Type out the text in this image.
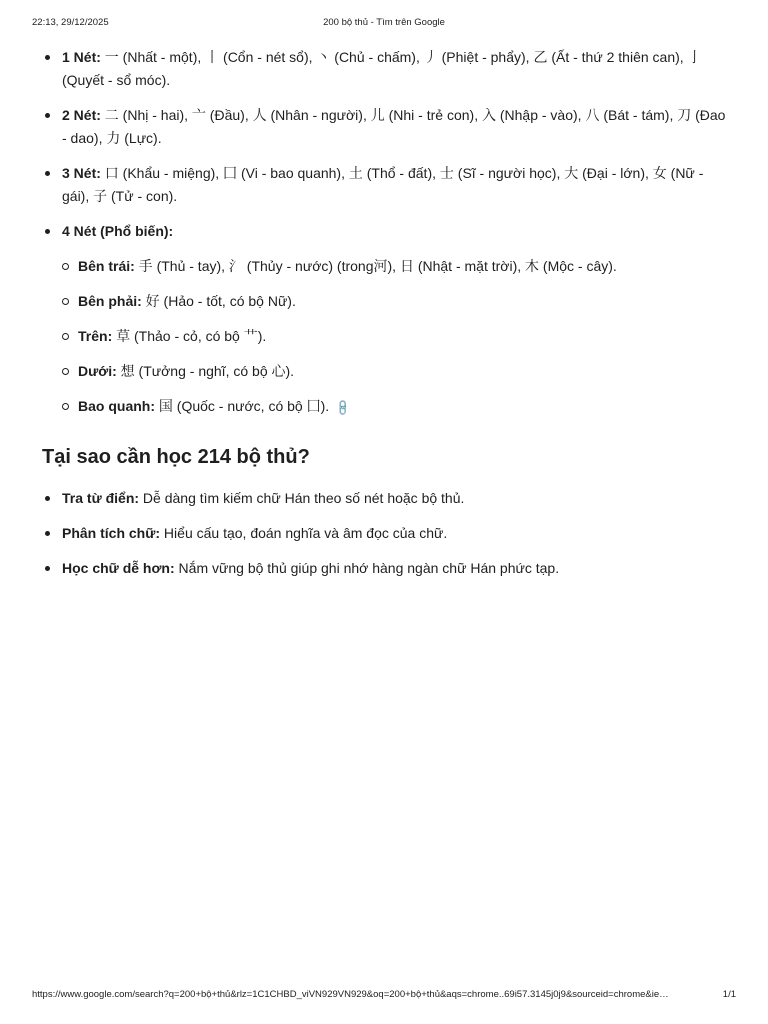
22:13, 29/12/2025	200 bộ thủ - Tìm trên Google
1 Nét: 一 (Nhất - một), 丨 (Cổn - nét sổ), 丶 (Chủ - chấm), 丿 (Phiệt - phẩy), 乙 (Ất - thứ 2 thiên can), 亅(Quyết - sổ móc).
2 Nét: 二 (Nhị - hai), 亠 (Đầu), 人 (Nhân - người), 儿 (Nhi - trẻ con), 入 (Nhập - vào), 八 (Bát - tám), 刀 (Đao - dao), 力 (Lực).
3 Nét: 口 (Khẩu - miệng), 囗 (Vi - bao quanh), 土 (Thổ - đất), 士 (Sĩ - người học), 大 (Đại - lớn), 女 (Nữ - gái), 子 (Tử - con).
4 Nét (Phổ biến):
Bên trái: 手 (Thủ - tay), 氵 (Thủy - nước) (trong河), 日 (Nhật - mặt trời), 木 (Mộc - cây).
Bên phải: 好 (Hảo - tốt, có bộ Nữ).
Trên: 草 (Thảo - cỏ, có bộ 艹).
Dưới: 想 (Tưởng - nghĩ, có bộ 心).
Bao quanh: 国 (Quốc - nước, có bộ 囗). 🔗
Tại sao cần học 214 bộ thủ?
Tra từ điển: Dễ dàng tìm kiếm chữ Hán theo số nét hoặc bộ thủ.
Phân tích chữ: Hiểu cấu tạo, đoán nghĩa và âm đọc của chữ.
Học chữ dễ hơn: Nắm vững bộ thủ giúp ghi nhớ hàng ngàn chữ Hán phức tạp.
https://www.google.com/search?q=200+bộ+thủ&rlz=1C1CHBD_viVN929VN929&oq=200+bộ+thủ&aqs=chrome..69i57.3145j0j9&sourceid=chrome&ie…	1/1
